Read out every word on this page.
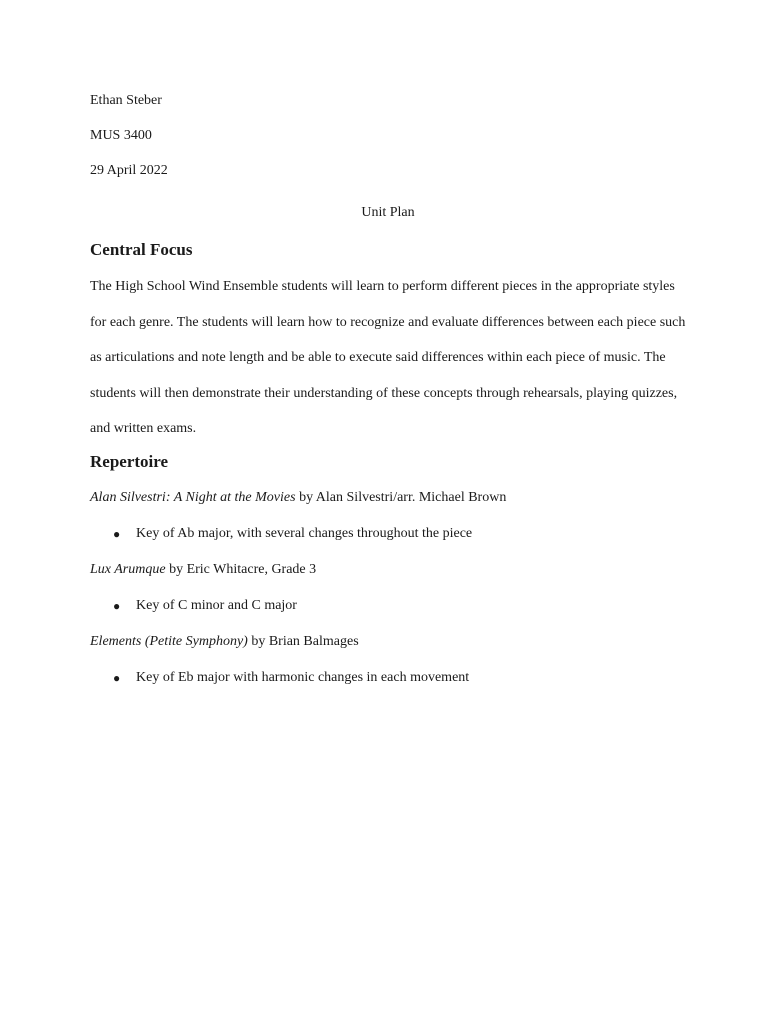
Ethan Steber
MUS 3400
29 April 2022
Unit Plan
Central Focus
The High School Wind Ensemble students will learn to perform different pieces in the appropriate styles for each genre. The students will learn how to recognize and evaluate differences between each piece such as articulations and note length and be able to execute said differences within each piece of music. The students will then demonstrate their understanding of these concepts through rehearsals, playing quizzes, and written exams.
Repertoire
Alan Silvestri: A Night at the Movies by Alan Silvestri/arr. Michael Brown
● Key of Ab major, with several changes throughout the piece
Lux Arumque by Eric Whitacre, Grade 3
● Key of C minor and C major
Elements (Petite Symphony) by Brian Balmages
● Key of Eb major with harmonic changes in each movement
